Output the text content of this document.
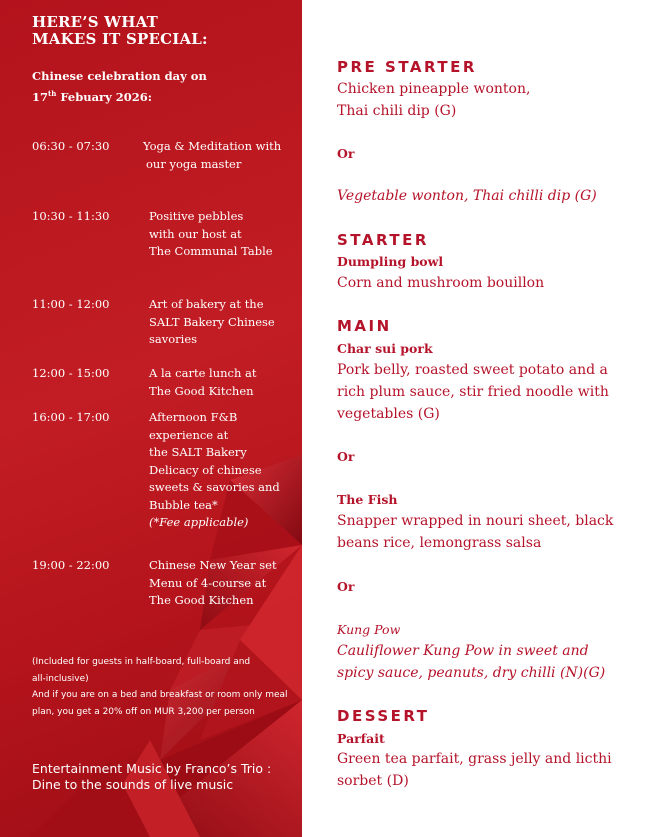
HERE’S WHAT
MAKES IT SPECIAL:
Chinese celebration day on
17th Febuary 2026:
06:30 - 07:30	Yoga & Meditation with
our yoga master
10:30 - 11:30	Positive pebbles
with our host at
The Communal Table
11:00 - 12:00	Art of bakery at the
SALT Bakery Chinese
savories
12:00 - 15:00	A la carte lunch at
The Good Kitchen
16:00 - 17:00	Afternoon F&B
experience at
the SALT Bakery
Delicacy of chinese
sweets & savories and
Bubble tea*
(*Fee applicable)
19:00 - 22:00	Chinese New Year set
Menu of 4-course at
The Good Kitchen
(Included for guests in half-board, full-board and
all-inclusive)
And if you are on a bed and breakfast or room only meal
plan, you get a 20% off on MUR 3,200 per person
Entertainment Music by Franco’s Trio :
Dine to the sounds of live music
PRE STARTER
Chicken pineapple wonton,
Thai chili dip (G)
Or
Vegetable wonton, Thai chilli dip (G)
STARTER
Dumpling bowl
Corn and mushroom bouillon
MAIN
Char sui pork
Pork belly, roasted sweet potato and a
rich plum sauce, stir fried noodle with
vegetables (G)
Or
The Fish
Snapper wrapped in nouri sheet, black
beans rice, lemongrass salsa
Or
Kung Pow
Cauliflower Kung Pow in sweet and
spicy sauce, peanuts, dry chilli (N)(G)
DESSERT
Parfait
Green tea parfait, grass jelly and licthi
sorbet (D)
